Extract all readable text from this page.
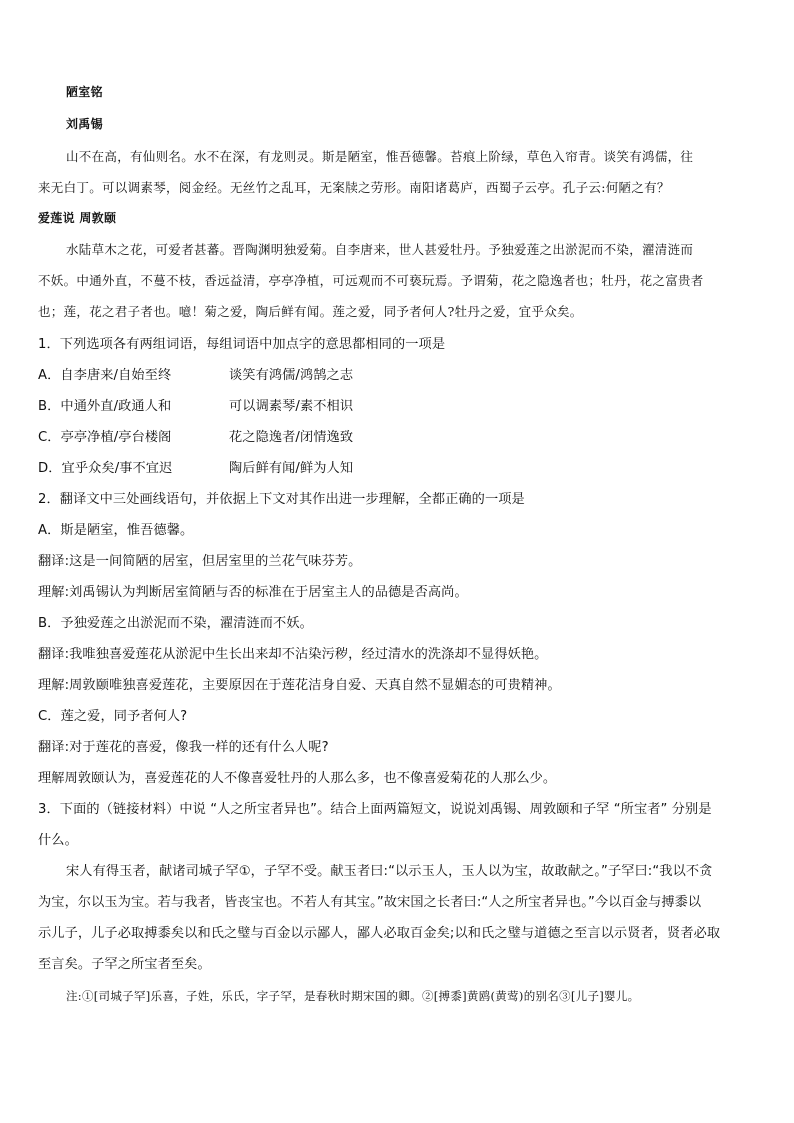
陋室铭
刘禹锡
山不在高，有仙则名。水不在深，有龙则灵。斯是陋室，惟吾德馨。苔痕上阶绿，草色入帘青。谈笑有鸿儒，往
来无白丁。可以调素琴，阅金经。无丝竹之乱耳，无案牍之劳形。南阳诸葛庐，西蜀子云亭。孔子云:何陋之有？
爱莲说 周敦颐
水陆草木之花，可爱者甚蕃。晋陶渊明独爱菊。自李唐来，世人甚爱牡丹。予独爱莲之出淤泥而不染，濯清涟而
不妖。中通外直，不蔓不枝，香远益清，亭亭净植，可远观而不可亵玩焉。予谓菊，花之隐逸者也；牡丹，花之富贵者
也；莲，花之君子者也。噫！菊之爱，陶后鲜有闻。莲之爱，同予者何人?牡丹之爱，宜乎众矣。
1．下列选项各有两组词语，每组词语中加点字的意思都相同的一项是
A．自李唐来/自始至终	谈笑有鸿儒/鸿鹄之志
B．中通外直/政通人和	可以调素琴/素不相识
C．亭亭净植/亭台楼阁	花之隐逸者/闭情逸致
D．宜乎众矣/事不宜迟	陶后鲜有闻/鲜为人知
2．翻译文中三处画线语句，并依据上下文对其作出进一步理解，全都正确的一项是
A．斯是陋室，惟吾德馨。
翻译:这是一间简陋的居室，但居室里的兰花气味芬芳。
理解:刘禹锡认为判断居室简陋与否的标准在于居室主人的品德是否高尚。
B．予独爱莲之出淤泥而不染，濯清涟而不妖。
翻译:我唯独喜爱莲花从淤泥中生长出来却不沾染污秽，经过清水的洗涤却不显得妖艳。
理解:周敦颐唯独喜爱莲花，主要原因在于莲花洁身自爱、天真自然不显媚态的可贵精神。
C．莲之爱，同予者何人?
翻译:对于莲花的喜爱，像我一样的还有什么人呢?
理解周敦颐认为，喜爱莲花的人不像喜爱牡丹的人那么多，也不像喜爱菊花的人那么少。
3．下面的（链接材料）中说 “人之所宝者异也”。结合上面两篇短文，说说刘禹锡、周敦颐和子罕 “所宝者” 分别是
什么。
宋人有得玉者，献诸司城子罕①，子罕不受。献玉者曰:“以示玉人，玉人以为宝，故敢献之。”子罕曰:“我以不贪
为宝，尔以玉为宝。若与我者，皆丧宝也。不若人有其宝。”故宋国之长者曰:“人之所宝者异也。”今以百金与搏黍以
示儿子，儿子必取搏黍矣以和氏之璧与百金以示鄙人，鄙人必取百金矣;以和氏之璧与道德之至言以示贤者，贤者必取
至言矣。子罕之所宝者至矣。
注:①[司城子罕]乐喜，子姓，乐氏，字子罕，是春秋时期宋国的卿。②[搏黍]黄鸥(黄莺)的别名③[儿子]婴儿。
